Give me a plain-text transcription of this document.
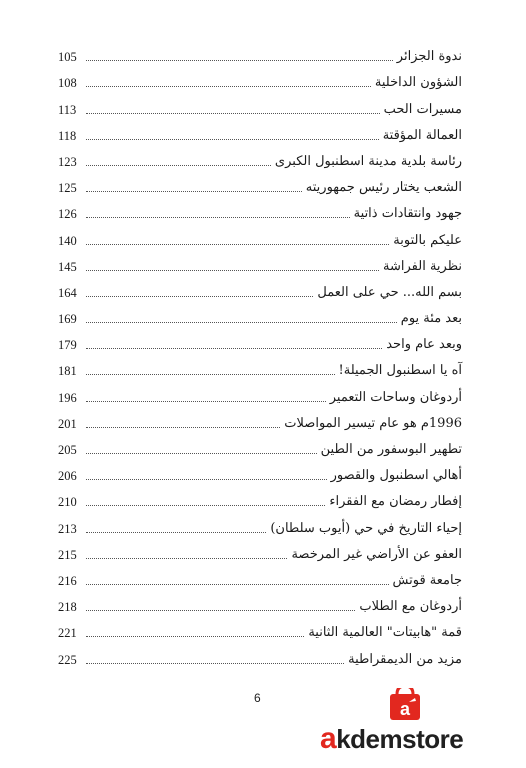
ندوة الجزائر
105
الشؤون الداخلية
108
مسيرات الحب
113
العمالة المؤقتة
118
رئاسة بلدية مدينة اسطنبول الكبرى
123
الشعب يختار رئيس جمهوريته
125
جهود وانتقادات ذاتية
126
عليكم بالتوبة
140
نظرية الفراشة
145
بسم الله... حي على العمل
164
بعد مئة يوم
169
وبعد عام واحد
179
آه يا اسطنبول الجميلة!
181
أردوغان وساحات التعمير
196
1996م هو عام تيسير المواصلات
201
تطهير البوسفور من الطين
205
أهالي اسطنبول والقصور
206
إفطار رمضان مع الفقراء
210
إحياء التاريخ في حي (أيوب سلطان)
213
العفو عن الأراضي غير المرخصة
215
جامعة قوتش
216
أردوغان مع الطلاب
218
قمة "هابيتات" العالمية الثانية
221
مزيد من الديمقراطية
225
6
a
akdemstore
